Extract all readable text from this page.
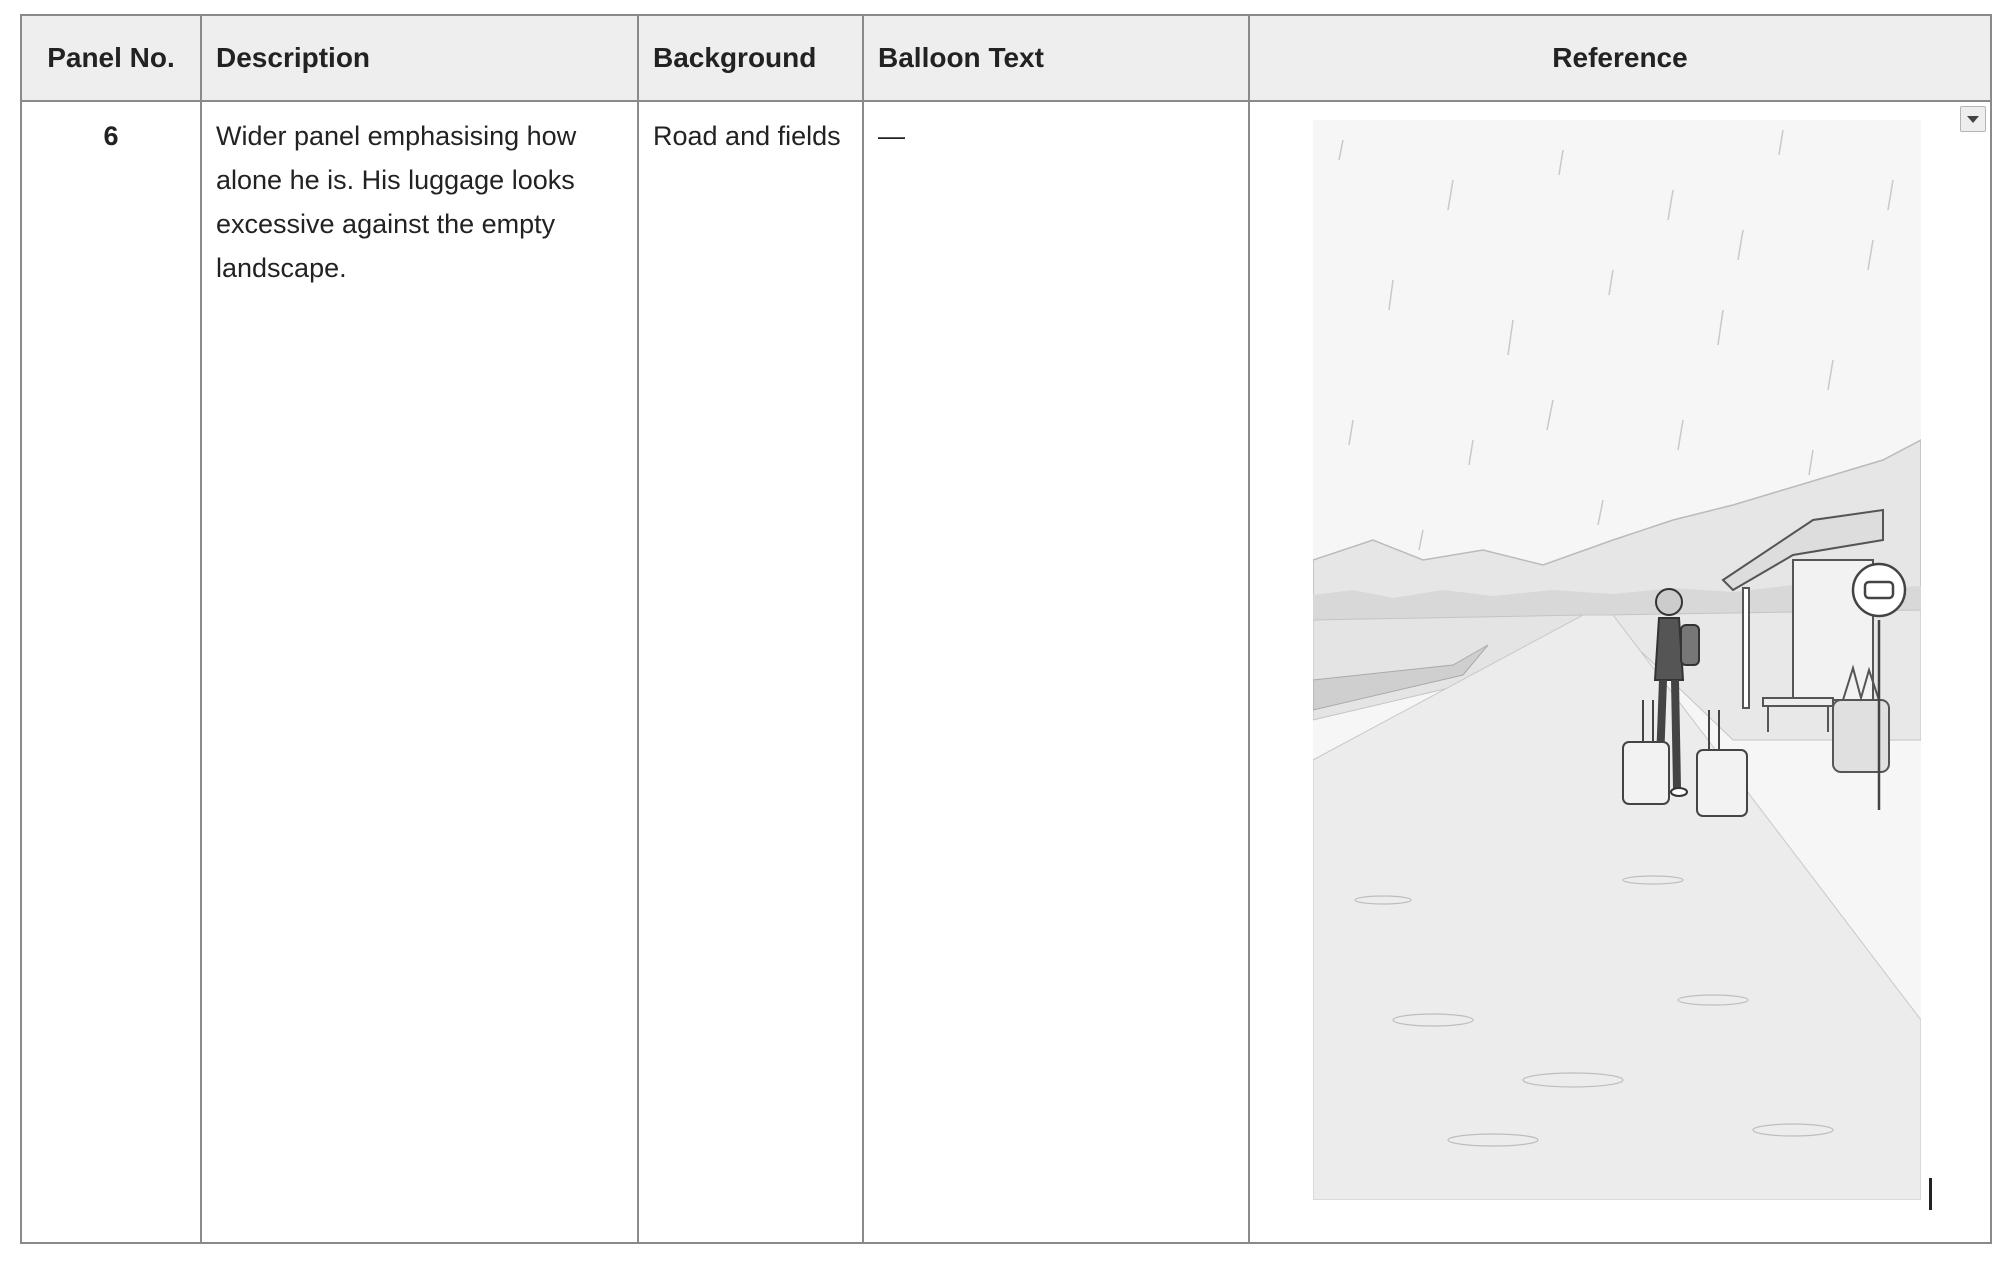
Panel No.	Description	Background	Balloon Text	Reference
6	Wider panel emphasising how alone he is. His luggage looks excessive against the empty landscape.	Road and fields	—	
